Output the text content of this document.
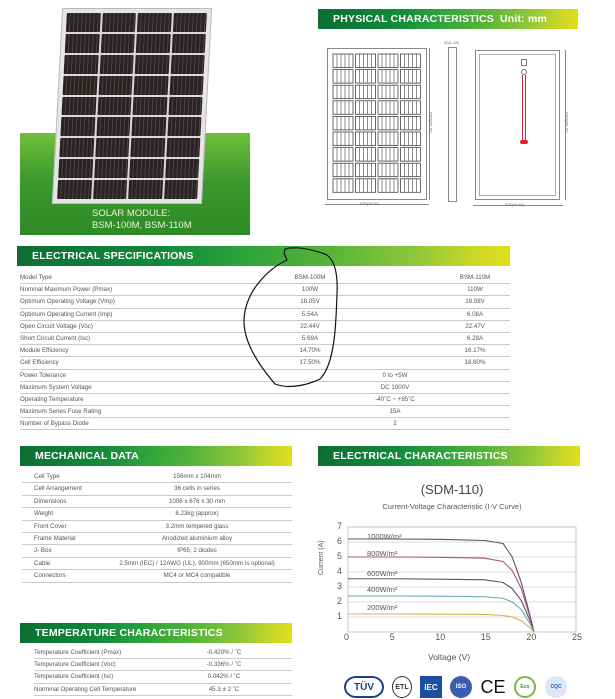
SOLAR MODULE:
BSM-100M, BSM-110M
PHYSICAL CHARACTERISTICS Unit: mm (inch)
676(26.61)
1006(39.61)
30(1.18)
676(26.61)
1006(39.61)
ELECTRICAL SPECIFICATIONS
Model Type	BSM-100M	BSM-110M
Nominal Maximum Power (Pmax)	100W	110W
Optimum Operating Voltage (Vmp)	18.05V	18.08V
Optimum Operating Current (Imp)	5.54A	6.08A
Open Circuit Voltage (Voc)	22.44V	22.47V
Short Circuit Current (Isc)	5.69A	6.28A
Module Efficiency	14.70%	16.17%
Cell Efficiency	17.50%	18.60%
Power Tolerance	0 to +5W
Maximum System Voltage	DC 1000V
Operating Temperature	-40˚C ~ +85˚C
Maximum Series Fuse Rating	15A
Number of Bypass Diode	2
MECHANICAL DATA
Cell Type	156mm x 104mm
Cell Arrangement	36 cells in series
Dimensions	1006 x 676 x 30 mm
Weight	8.23kg (approx)
Front Cover	3.2mm tempered glass
Frame Material	Anodized aluminium alloy
J- Box	IP65, 2 diodes
Cable	2.5mm (IEC) / 12AWG (UL), 900mm (650mm is optional)
Connectors	MC4 or MC4 compatible
TEMPERATURE CHARACTERISTICS
Temperature Coefficient (Pmax)	-0.420% / ˚C
Temperature Coefficient (Voc)	-0.336% / ˚C
Temperature Coefficient (Isc)	0.042% / ˚C
Norminal Operating Cell Temperature	45.3 ± 2 ˚C
ELECTRICAL CHARACTERISTICS
(SDM-110)
Current-Voltage Characteristic (I-V Curve)
Current (A)
1
2
3
4
5
6
7
0	5	10	15	20	25
1000W/m²
800W/m²
600W/m²
400W/m²
200W/m²
Voltage (V)
TÜV	ETL	IEC	ISO CE	Eco	CQC
